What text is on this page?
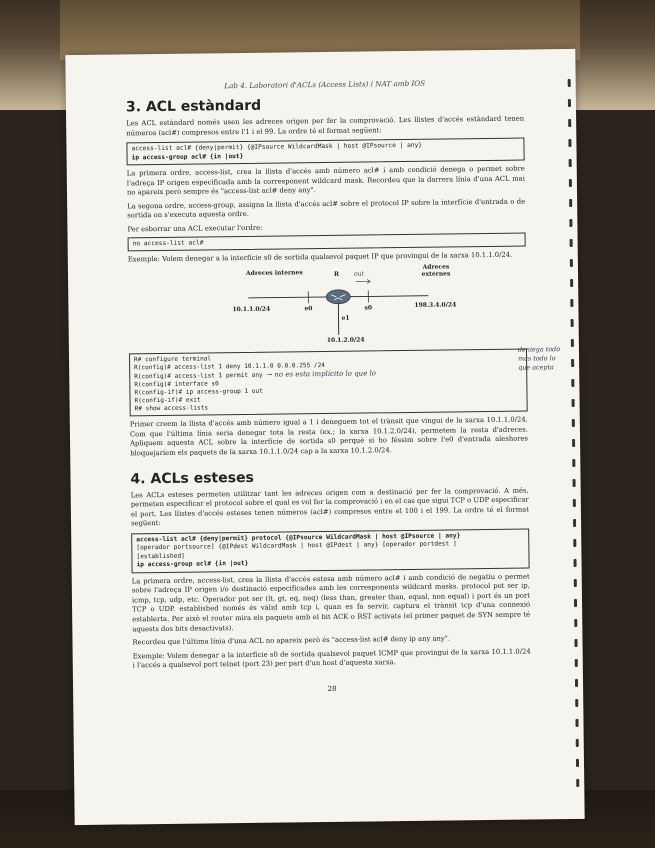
Lab 4. Laboratori d'ACLs (Access Lists) i NAT amb IOS
3. ACL estàndard

Les ACL estàndard només usen les adreces origen per fer la comprovació. Les llistes d'accés estàndard tenen números (acl#) compresos entre l'1 i el 99. La ordre té el format següent:

access-list acl# {deny|permit} {@IPsource WildcardMask | host @IPsource | any}
ip access-group acl# {in |out}

La primera ordre, access-list, crea la llista d'accés amb número acl# i amb condició denega o permet sobre l'adreça IP origen especificada amb la corresponent wildcard mask. Recordeu que la darrera línia d'una ACL mai no apareix però sempre és "access-list acl# deny any".

La segona ordre, access-group, assigna la llista d'accés acl# sobre el protocol IP sobre la interfície d'entrada o de sortida on s'executa aquesta ordre.

Per esborrar una ACL executar l'ordre:

no access-list acl#

Exemple: Volem denegar a la interfície s0 de sortida qualsevol paquet IP que provingui de la xarxa 10.1.1.0/24.

Adreces internes
Adreces externes
R out
10.1.1.0/24	e0	s0	198.3.4.0/24
e1
10.1.2.0/24
R# configure terminal
R(config)# access-list 1 deny 10.1.1.0 0.0.0.255 /24
R(config)# access-list 1 permit any → no es esta implícito lo que lo
R(config)# interface s0
R(config-if)# ip access-group 1 out
R(config-if)# exit
R# show access-lists
deniega todo más todo lo que acepta

Primer creem la llista d'accés amb número igual a 1 i deneguem tot el trànsit que vingui de la xarxa 10.1.1.0/24. Com que l'última línia seria denegar tota la resta (ex.; la xarxa 10.1.2.0/24), permetem la resta d'adreces. Apliquem aquesta ACL sobre la interfície de sortida s0 perquè si ho féssim sobre l'e0 d'entrada aleshores bloquejaríem els paquets de la xarxa 10.1.1.0/24 cap a la xarxa 10.1.2.0/24.

4. ACLs esteses

Les ACLs esteses permeten utilitzar tant les adreces origen com a destinació per fer la comprovació. A més, permeten especificar el protocol sobre el qual es vol fer la comprovació i en el cas que sigui TCP o UDP especificar el port. Les llistes d'accés esteses tenen números (acl#) compresos entre el 100 i el 199. La ordre té el format següent:

access-list acl# {deny|permit} protocol {@IPsource WildcardMask | host @IPsource | any}
[operador portsource] {@IPdest WildcardMask | host @IPdest | any} [operador portdest ]
[established]
ip access-group acl# {in |out}

La primera ordre, access-list, crea la llista d'accés estesa amb número acl# i amb condició de negatiu o permet sobre l'adreça IP origen i/o destinació especificades amb les corresponents wildcard masks. protocol pot ser ip, icmp, tcp, udp, etc. Operador pot ser (lt, gt, eq, neq) (less than, greater than, equal, non equal) i port és un port TCP o UDP. established només és vàlid amb tcp i, quan es fa servir, captura el trànsit tcp d'una connexió establerta. Per això el router mira els paquets amb el bit ACK o RST activats (el primer paquet de SYN sempre té aquests dos bits desactivats).

Recordeu que l'última línia d'una ACL no apareix però és "access-list acl# deny ip any any".

Exemple: Volem denegar a la interfície s0 de sortida qualsevol paquet ICMP que provingui de la xarxa 10.1.1.0/24 i l'accés a qualsevol port telnet (port 23) per part d'un host d'aquesta xarxa.

28
